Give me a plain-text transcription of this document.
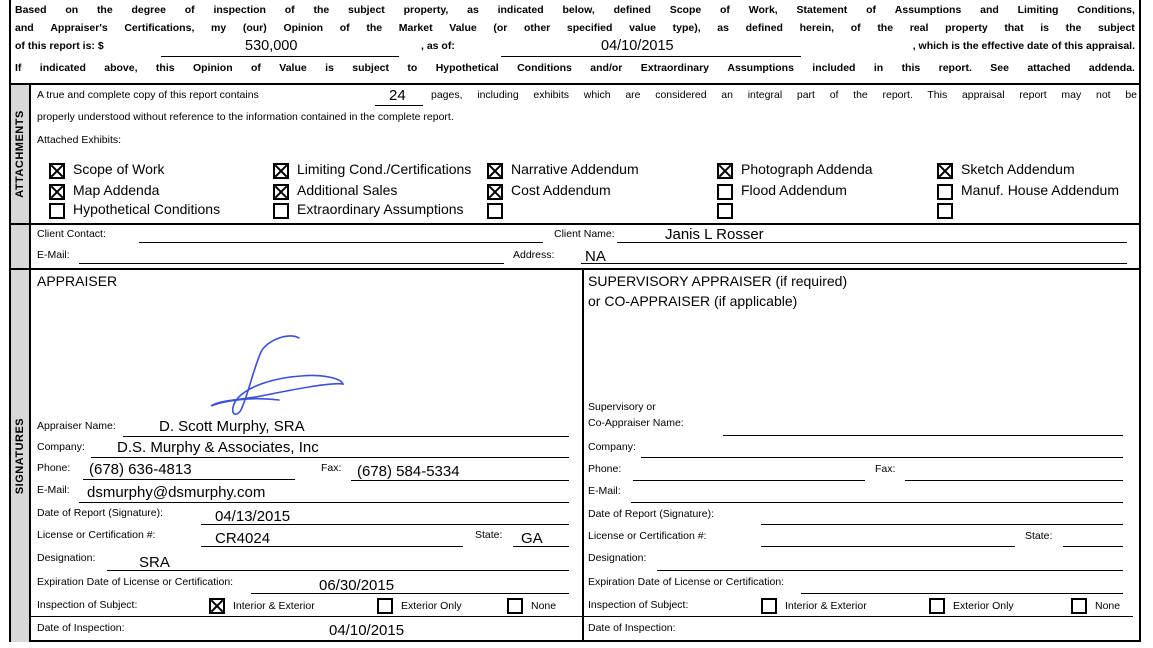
Based on the degree of inspection of the subject property, as indicated below, defined Scope of Work, Statement of Assumptions and Limiting Conditions,
and Appraiser's Certifications, my (our) Opinion of the Market Value (or other specified value type), as defined herein, of the real property that is the subject
of this report is: $	530,000	, as of:	04/10/2015	, which is the effective date of this appraisal.
If indicated above, this Opinion of Value is subject to Hypothetical Conditions and/or Extraordinary Assumptions included in this report. See attached addenda.
ATTACHMENTS
A true and complete copy of this report contains	24 pages, including exhibits which are considered an integral part of the report. This appraisal report may not be
properly understood without reference to the information contained in the complete report.
Attached Exhibits:
Scope of Work	Limiting Cond./Certifications	Narrative Addendum	Photograph Addenda	Sketch Addendum
Map Addenda	Additional Sales	Cost Addendum	Flood Addendum	Manuf. House Addendum
Hypothetical Conditions	Extraordinary Assumptions
Client Contact:	Client Name:	Janis L Rosser
E-Mail:	Address: NA
SIGNATURES
APPRAISER
Appraiser Name:	D. Scott Murphy, SRA
Company: D.S. Murphy & Associates, Inc
Phone: (678) 636-4813	Fax: (678) 584-5334
E-Mail: dsmurphy@dsmurphy.com
Date of Report (Signature):	04/13/2015
License or Certification #:	CR4024	State: GA
Designation:	SRA
Expiration Date of License or Certification:	06/30/2015
Inspection of Subject:	Interior & Exterior	Exterior Only	None
Date of Inspection:	04/10/2015
SUPERVISORY APPRAISER (if required)
or CO-APPRAISER (if applicable)
Supervisory or
Co-Appraiser Name:
Company:
Phone:	Fax:
E-Mail:
Date of Report (Signature):
License or Certification #:	State:
Designation:
Expiration Date of License or Certification:
Inspection of Subject:	Interior & Exterior	Exterior Only	None
Date of Inspection:
